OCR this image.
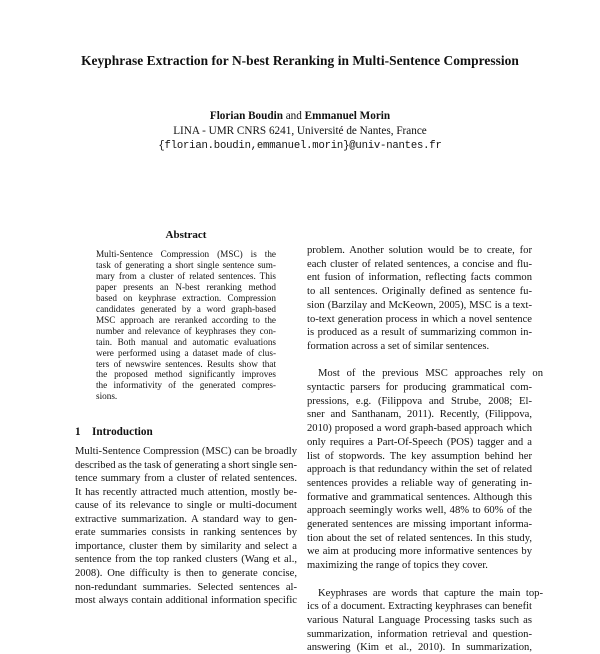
Keyphrase Extraction for N-best Reranking in Multi-Sentence Compression
Florian Boudin and Emmanuel Morin
LINA - UMR CNRS 6241, Université de Nantes, France
{florian.boudin,emmanuel.morin}@univ-nantes.fr
Abstract
Multi-Sentence Compression (MSC) is the
task of generating a short single sentence sum-
mary from a cluster of related sentences. This
paper presents an N-best reranking method
based on keyphrase extraction. Compression
candidates generated by a word graph-based
MSC approach are reranked according to the
number and relevance of keyphrases they con-
tain. Both manual and automatic evaluations
were performed using a dataset made of clus-
ters of newswire sentences. Results show that
the proposed method significantly improves
the informativity of the generated compres-
sions.
1 Introduction
Multi-Sentence Compression (MSC) can be broadly
described as the task of generating a short single sen-
tence summary from a cluster of related sentences.
It has recently attracted much attention, mostly be-
cause of its relevance to single or multi-document
extractive summarization. A standard way to gen-
erate summaries consists in ranking sentences by
importance, cluster them by similarity and select a
sentence from the top ranked clusters (Wang et al.,
2008). One difficulty is then to generate concise,
non-redundant summaries. Selected sentences al-
most always contain additional information specific
problem. Another solution would be to create, for
each cluster of related sentences, a concise and flu-
ent fusion of information, reflecting facts common
to all sentences. Originally defined as sentence fu-
sion (Barzilay and McKeown, 2005), MSC is a text-
to-text generation process in which a novel sentence
is produced as a result of summarizing common in-
formation across a set of similar sentences.
Most of the previous MSC approaches rely on
syntactic parsers for producing grammatical com-
pressions, e.g. (Filippova and Strube, 2008; El-
sner and Santhanam, 2011). Recently, (Filippova,
2010) proposed a word graph-based approach which
only requires a Part-Of-Speech (POS) tagger and a
list of stopwords. The key assumption behind her
approach is that redundancy within the set of related
sentences provides a reliable way of generating in-
formative and grammatical sentences. Although this
approach seemingly works well, 48% to 60% of the
generated sentences are missing important informa-
tion about the set of related sentences. In this study,
we aim at producing more informative sentences by
maximizing the range of topics they cover.
Keyphrases are words that capture the main top-
ics of a document. Extracting keyphrases can benefit
various Natural Language Processing tasks such as
summarization, information retrieval and question-
answering (Kim et al., 2010). In summarization,
